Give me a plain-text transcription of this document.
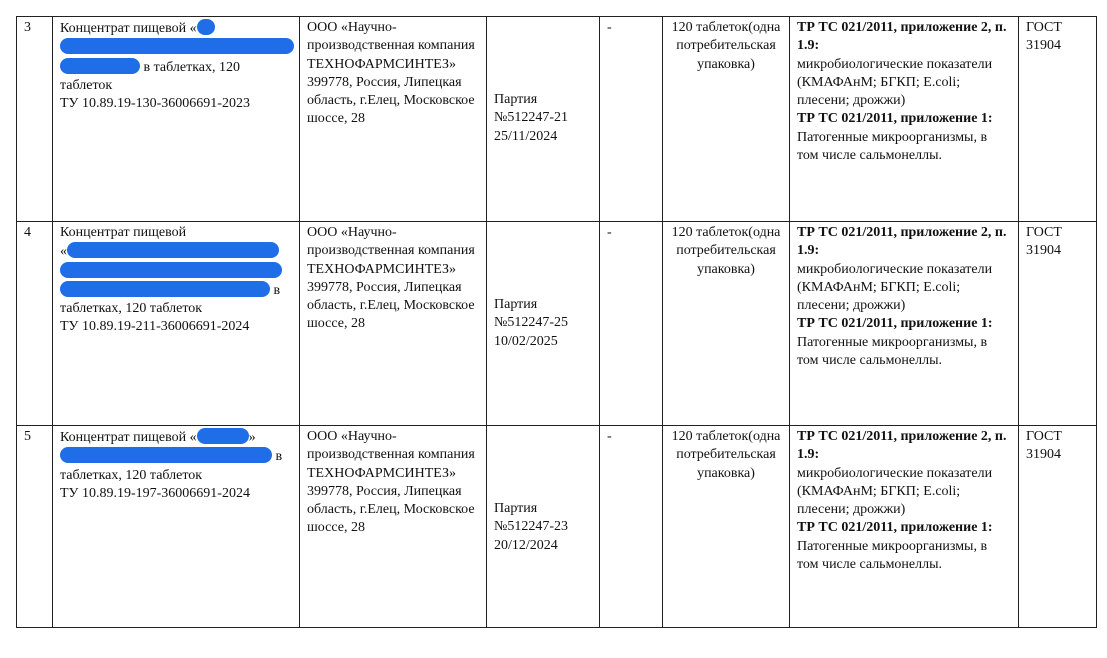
3	Концентрат пищевой «
в таблетках, 120
таблеток
ТУ 10.89.19-130-36006691-2023	ООО «Научно-производственная компания ТЕХНОФАРМСИНТЕЗ» 399778, Россия, Липецкая область, г.Елец, Московское шоссе, 28	Партия
№512247-21
25/11/2024	-	120 таблеток(одна потребительская упаковка)	ТР ТС 021/2011, приложение 2, п. 1.9:
микробиологические показатели (КМАФАнМ; БГКП; E.coli; плесени; дрожжи)
ТР ТС 021/2011, приложение 1:
Патогенные микроорганизмы, в том числе сальмонеллы.	ГОСТ 31904
4	Концентрат пищевой
«
в
таблетках, 120 таблеток
ТУ 10.89.19-211-36006691-2024	ООО «Научно-производственная компания ТЕХНОФАРМСИНТЕЗ» 399778, Россия, Липецкая область, г.Елец, Московское шоссе, 28	Партия
№512247-25
10/02/2025	-	120 таблеток(одна потребительская упаковка)	ТР ТС 021/2011, приложение 2, п. 1.9:
микробиологические показатели (КМАФАнМ; БГКП; E.coli; плесени; дрожжи)
ТР ТС 021/2011, приложение 1:
Патогенные микроорганизмы, в том числе сальмонеллы.	ГОСТ 31904
5	Концентрат пищевой « »
в
таблетках, 120 таблеток
ТУ 10.89.19-197-36006691-2024	ООО «Научно-производственная компания ТЕХНОФАРМСИНТЕЗ» 399778, Россия, Липецкая область, г.Елец, Московское шоссе, 28	Партия
№512247-23
20/12/2024	-	120 таблеток(одна потребительская упаковка)	ТР ТС 021/2011, приложение 2, п. 1.9:
микробиологические показатели (КМАФАнМ; БГКП; E.coli; плесени; дрожжи)
ТР ТС 021/2011, приложение 1:
Патогенные микроорганизмы, в том числе сальмонеллы.	ГОСТ 31904
